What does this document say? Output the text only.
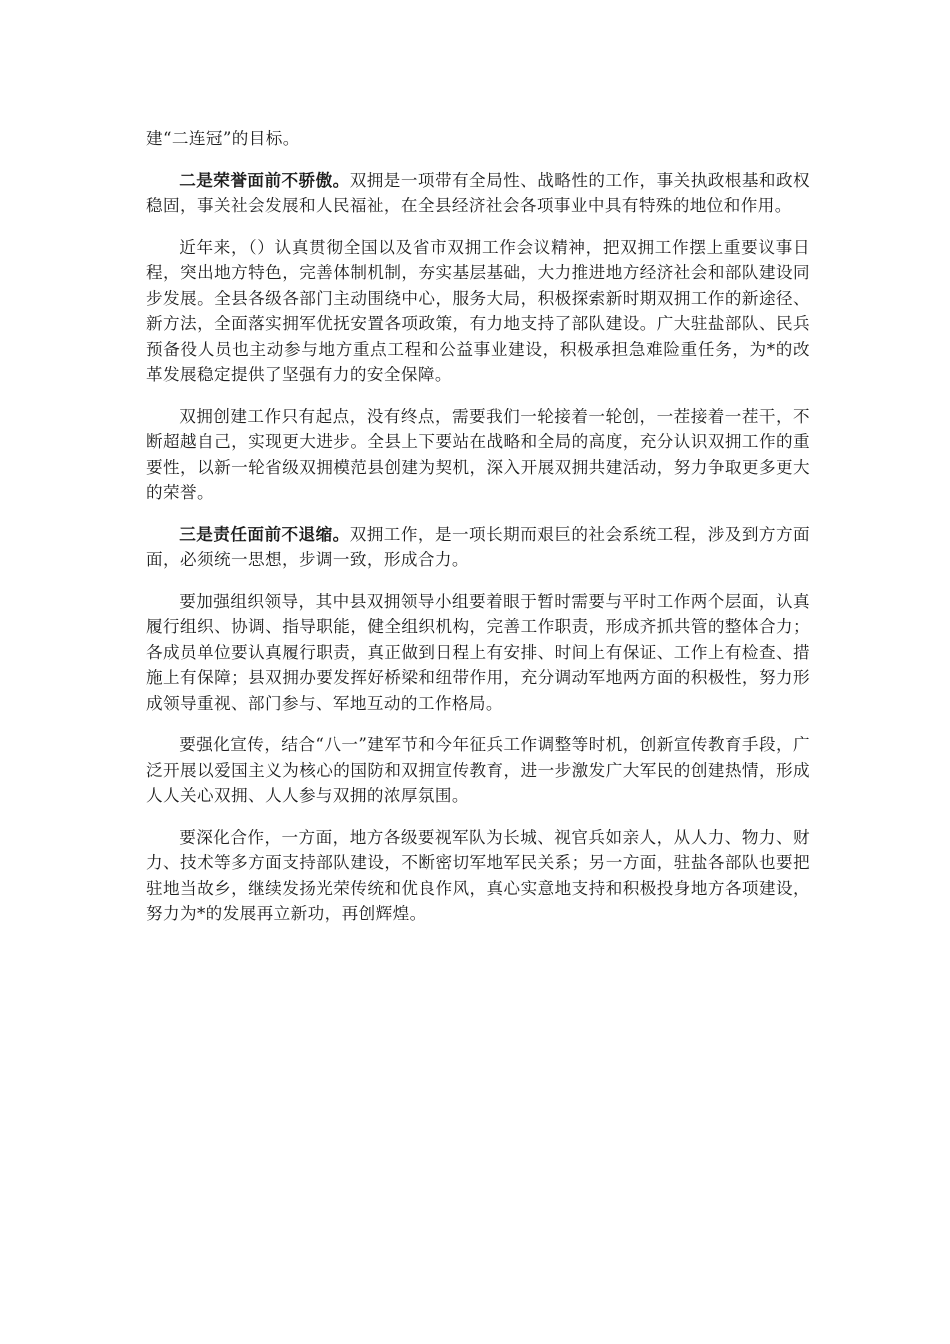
建“二连冠”的目标。

二是荣誉面前不骄傲。双拥是一项带有全局性、战略性的工作，事关执政根基和政权稳固，事关社会发展和人民福祉，在全县经济社会各项事业中具有特殊的地位和作用。

近年来，（）认真贯彻全国以及省市双拥工作会议精神，把双拥工作摆上重要议事日程，突出地方特色，完善体制机制，夯实基层基础，大力推进地方经济社会和部队建设同步发展。全县各级各部门主动围绕中心，服务大局，积极探索新时期双拥工作的新途径、新方法，全面落实拥军优抚安置各项政策，有力地支持了部队建设。广大驻盐部队、民兵预备役人员也主动参与地方重点工程和公益事业建设，积极承担急难险重任务，为*的改革发展稳定提供了坚强有力的安全保障。

双拥创建工作只有起点，没有终点，需要我们一轮接着一轮创，一茬接着一茬干，不断超越自己，实现更大进步。全县上下要站在战略和全局的高度，充分认识双拥工作的重要性，以新一轮省级双拥模范县创建为契机，深入开展双拥共建活动，努力争取更多更大的荣誉。

三是责任面前不退缩。双拥工作，是一项长期而艰巨的社会系统工程，涉及到方方面面，必须统一思想，步调一致，形成合力。

要加强组织领导，其中县双拥领导小组要着眼于暂时需要与平时工作两个层面，认真履行组织、协调、指导职能，健全组织机构，完善工作职责，形成齐抓共管的整体合力；各成员单位要认真履行职责，真正做到日程上有安排、时间上有保证、工作上有检查、措施上有保障；县双拥办要发挥好桥梁和纽带作用，充分调动军地两方面的积极性，努力形成领导重视、部门参与、军地互动的工作格局。

要强化宣传，结合“八一”建军节和今年征兵工作调整等时机，创新宣传教育手段，广泛开展以爱国主义为核心的国防和双拥宣传教育，进一步激发广大军民的创建热情，形成人人关心双拥、人人参与双拥的浓厚氛围。

要深化合作，一方面，地方各级要视军队为长城、视官兵如亲人，从人力、物力、财力、技术等多方面支持部队建设，不断密切军地军民关系；另一方面，驻盐各部队也要把驻地当故乡，继续发扬光荣传统和优良作风，真心实意地支持和积极投身地方各项建设，努力为*的发展再立新功，再创辉煌。
